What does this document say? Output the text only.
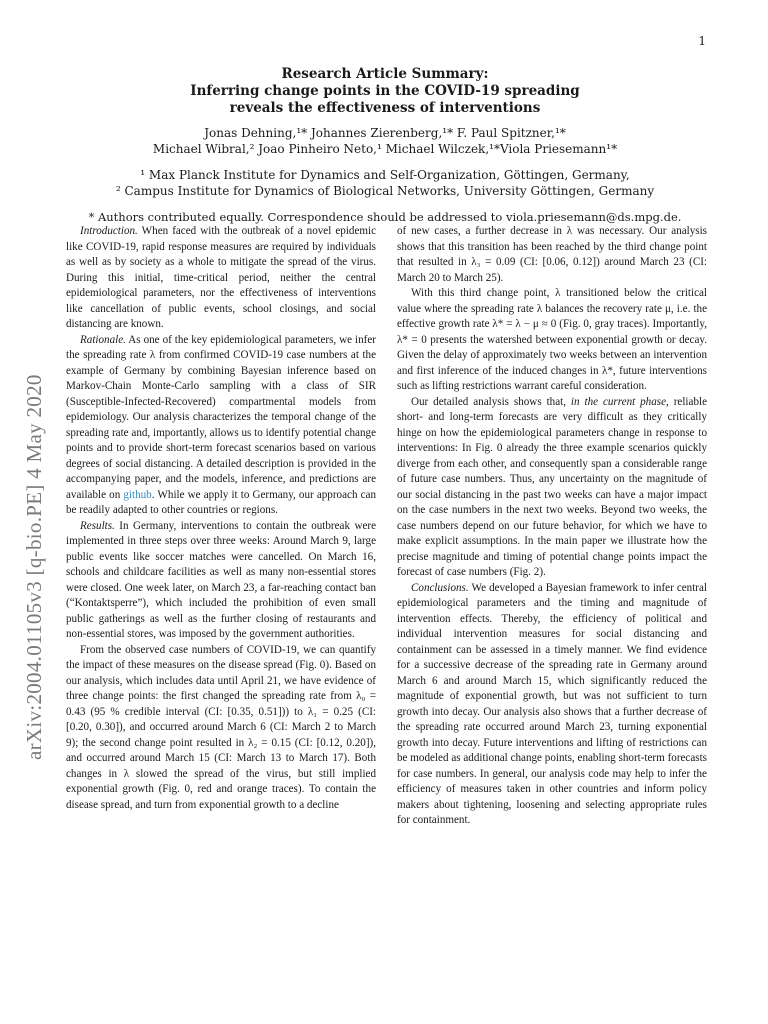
1
arXiv:2004.01105v3 [q-bio.PE] 4 May 2020
Research Article Summary:
Inferring change points in the COVID-19 spreading
reveals the effectiveness of interventions
Jonas Dehning,¹* Johannes Zierenberg,¹* F. Paul Spitzner,¹*
Michael Wibral,² Joao Pinheiro Neto,¹ Michael Wilczek,¹*Viola Priesemann¹*
¹ Max Planck Institute for Dynamics and Self-Organization, Göttingen, Germany,
² Campus Institute for Dynamics of Biological Networks, University Göttingen, Germany
* Authors contributed equally. Correspondence should be addressed to viola.priesemann@ds.mpg.de.

Introduction. When faced with the outbreak of a novel epidemic like COVID-19, rapid response measures are required by individuals as well as by society as a whole to mitigate the spread of the virus. During this initial, time-critical period, neither the central epidemiological parameters, nor the effectiveness of interventions like cancellation of public events, school closings, and social distancing are known.

Rationale. As one of the key epidemiological parameters, we infer the spreading rate λ from confirmed COVID-19 case numbers at the example of Germany by combining Bayesian inference based on Markov-Chain Monte-Carlo sampling with a class of SIR (Susceptible-Infected-Recovered) compartmental models from epidemiology. Our analysis characterizes the temporal change of the spreading rate and, importantly, allows us to identify potential change points and to provide short-term forecast scenarios based on various degrees of social distancing. A detailed description is provided in the accompanying paper, and the models, inference, and predictions are available on github. While we apply it to Germany, our approach can be readily adapted to other countries or regions.

Results. In Germany, interventions to contain the outbreak were implemented in three steps over three weeks: Around March 9, large public events like soccer matches were cancelled. On March 16, schools and childcare facilities as well as many non-essential stores were closed. One week later, on March 23, a far-reaching contact ban (“Kontaktsperre”), which included the prohibition of even small public gatherings as well as the further closing of restaurants and non-essential stores, was imposed by the government authorities.

From the observed case numbers of COVID-19, we can quantify the impact of these measures on the disease spread (Fig. 0). Based on our analysis, which includes data until April 21, we have evidence of three change points: the first changed the spreading rate from λ₀ = 0.43 (95 % credible interval (CI: [0.35, 0.51])) to λ₁ = 0.25 (CI: [0.20, 0.30]), and occurred around March 6 (CI: March 2 to March 9); the second change point resulted in λ₂ = 0.15 (CI: [0.12, 0.20]), and occurred around March 15 (CI: March 13 to March 17). Both changes in λ slowed the spread of the virus, but still implied exponential growth (Fig. 0, red and orange traces). To contain the disease spread, and turn from exponential growth to a decline

of new cases, a further decrease in λ was necessary. Our analysis shows that this transition has been reached by the third change point that resulted in λ₃ = 0.09 (CI: [0.06, 0.12]) around March 23 (CI: March 20 to March 25).

With this third change point, λ transitioned below the critical value where the spreading rate λ balances the recovery rate μ, i.e. the effective growth rate λ* = λ − μ ≈ 0 (Fig. 0, gray traces). Importantly, λ* = 0 presents the watershed between exponential growth or decay. Given the delay of approximately two weeks between an intervention and first inference of the induced changes in λ*, future interventions such as lifting restrictions warrant careful consideration.

Our detailed analysis shows that, in the current phase, reliable short- and long-term forecasts are very difficult as they critically hinge on how the epidemiological parameters change in response to interventions: In Fig. 0 already the three example scenarios quickly diverge from each other, and consequently span a considerable range of future case numbers. Thus, any uncertainty on the magnitude of our social distancing in the past two weeks can have a major impact on the case numbers in the next two weeks. Beyond two weeks, the case numbers depend on our future behavior, for which we have to make explicit assumptions. In the main paper we illustrate how the precise magnitude and timing of potential change points impact the forecast of case numbers (Fig. 2).

Conclusions. We developed a Bayesian framework to infer central epidemiological parameters and the timing and magnitude of intervention effects. Thereby, the efficiency of political and individual intervention measures for social distancing and containment can be assessed in a timely manner. We find evidence for a successive decrease of the spreading rate in Germany around March 6 and around March 15, which significantly reduced the magnitude of exponential growth, but was not sufficient to turn growth into decay. Our analysis also shows that a further decrease of the spreading rate occurred around March 23, turning exponential growth into decay. Future interventions and lifting of restrictions can be modeled as additional change points, enabling short-term forecasts for case numbers. In general, our analysis code may help to infer the efficiency of measures taken in other countries and inform policy makers about tightening, loosening and selecting appropriate rules for containment.
